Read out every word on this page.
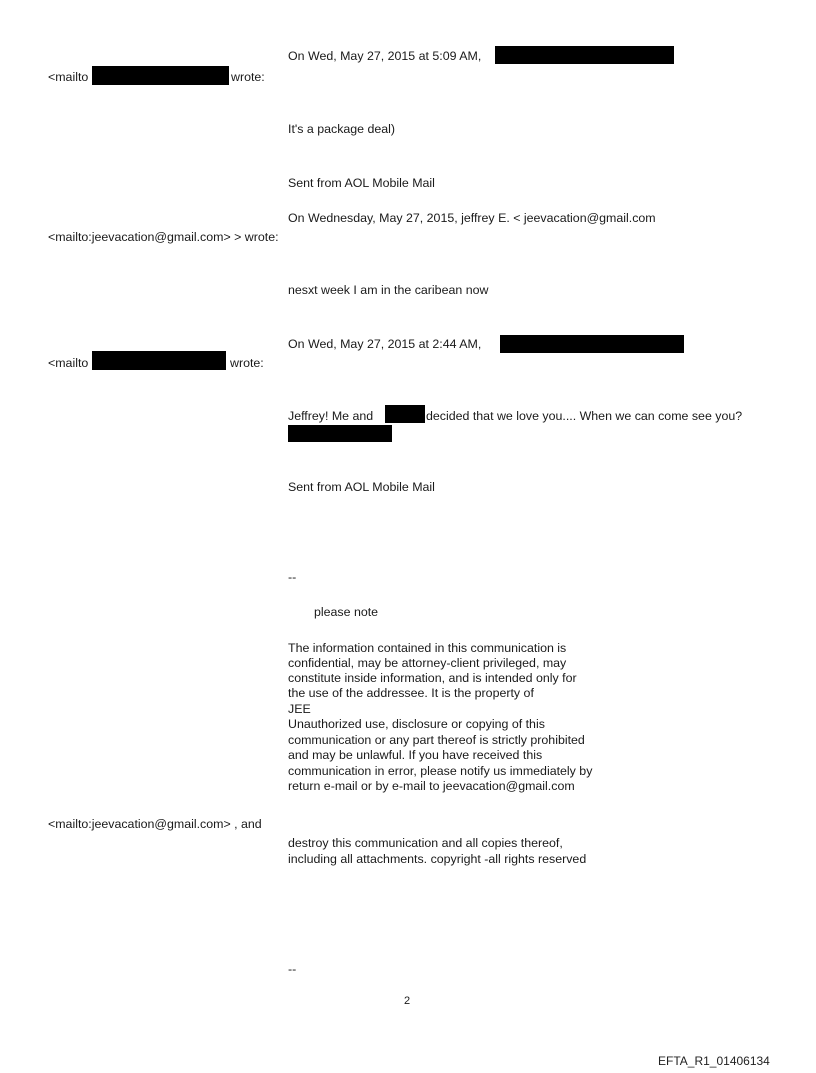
On Wed, May 27, 2015 at 5:09 AM,
<mailto	wrote:
It's a package deal)
Sent from AOL Mobile Mail
On Wednesday, May 27, 2015, jeffrey E. < jeevacation@gmail.com
<mailto:jeevacation@gmail.com> > wrote:
nesxt week I am in the caribean now
On Wed, May 27, 2015 at 2:44 AM,
<mailto	wrote:
Jeffrey! Me and	decided that we love you.... When we can come see you?
Sent from AOL Mobile Mail
--
please note
The information contained in this communication is
confidential, may be attorney-client privileged, may
constitute inside information, and is intended only for
the use of the addressee. It is the property of
JEE
Unauthorized use, disclosure or copying of this
communication or any part thereof is strictly prohibited
and may be unlawful. If you have received this
communication in error, please notify us immediately by
return e-mail or by e-mail to jeevacation@gmail.com
<mailto:jeevacation@gmail.com> , and
destroy this communication and all copies thereof,
including all attachments. copyright -all rights reserved
--
2
EFTA_R1_01406134
